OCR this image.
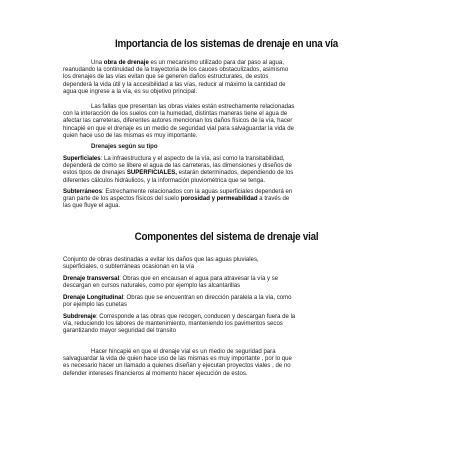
Importancia de los sistemas de drenaje en una vía
Una obra de drenaje es un mecanismo utilizado para dar paso al agua,
reanudando la continuidad de la trayectoria de los cauces obstaculizados, asimismo
los drenajes de las vías evitan que se generen daños estructurales, de estos
dependerá la vida útil y la accesibilidad a las vías, reducir al máximo la cantidad de
agua que ingrese a la vía, es su objetivo principal.
Las fallas que presentan las obras viales están estrechamente relacionadas
con la interacción de los suelos con la humedad, distintas maneras tiene el agua de
afectar las carreteras, diferentes autores mencionan los daños físicos de la vía, hacer
hincapié en que el drenaje es un medio de seguridad vial para salvaguardar la vida de
quien hace uso de las mismas es muy importante.
Drenajes según su tipo
Superficiales: La infraestructura y el aspecto de la vía, así como la transitabilidad,
dependerá de cómo se libere el agua de las carreteras, las dimensiones y diseños de
estos tipos de drenajes SUPERFICIALES, estarán determinados, dependiendo de los
diferentes cálculos hidráulicos, y la información pluviométrica que se tenga.
Subterráneos: Estrechamente relacionados con la aguas superficiales dependerá en
gran parte de los aspectos físicos del suelo porosidad y permeabilidad a través de
las que fluye el agua.
Componentes del sistema de drenaje vial
Conjunto de obras destinadas a evitar los daños que las aguas pluviales,
superficiales, o subterráneas ocasionan en la vía
Drenaje transversal: Obras que en encausan el agua para atravesar la vía y se
descargan en cursos naturales, como por ejemplo las alcantarillas
Drenaje Longitudinal: Obras que se encuentran en dirección paralela a la vía, como
por ejemplo las cunetas
Subdrenaje: Corresponde a las obras que recogen, conducen y descargan fuera de la
vía, reduciendo los labores de mantenimiento, manteniendo los pavimentos secos
garantizando mayor seguridad del transito
Hacer hincapié en que el drenaje vial es un medio de seguridad para
salvaguardar la vida de quien hace uso de las mismas es muy importante , por lo que
es necesario hacer un llamado a quienes diseñan y ejecutan proyectos viales , de no
defender intereses financieros al momento hacer ejecución de estos.
